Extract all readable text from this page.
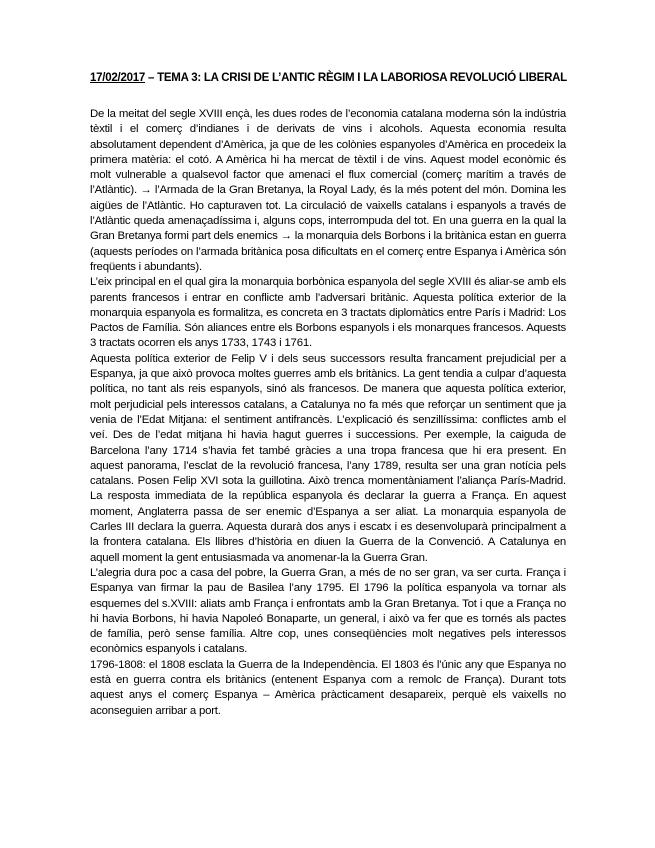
17/02/2017 – TEMA 3: LA CRISI DE L’ANTIC RÈGIM I LA LABORIOSA REVOLUCIÓ LIBERAL

De la meitat del segle XVIII ençà, les dues rodes de l’economia catalana moderna són la indústria tèxtil i el comerç d’indianes i de derivats de vins i alcohols. Aquesta economia resulta absolutament dependent d’Amèrica, ja que de les colònies espanyoles d’Amèrica en procedeix la primera matèria: el cotó. A Amèrica hi ha mercat de tèxtil i de vins. Aquest model econòmic és molt vulnerable a qualsevol factor que amenaci el flux comercial (comerç marítim a través de l’Atlàntic). → l’Armada de la Gran Bretanya, la Royal Lady, és la més potent del món. Domina les aigües de l’Atlàntic. Ho capturaven tot. La circulació de vaixells catalans i espanyols a través de l’Atlàntic queda amenaçadíssima i, alguns cops, interrompuda del tot. En una guerra en la qual la Gran Bretanya formi part dels enemics → la monarquia dels Borbons i la britànica estan en guerra (aquests períodes on l’armada britànica posa dificultats en el comerç entre Espanya i Amèrica són freqüents i abundants).

L’eix principal en el qual gira la monarquia borbònica espanyola del segle XVIII és aliar-se amb els parents francesos i entrar en conflicte amb l’adversari britànic. Aquesta política exterior de la monarquia espanyola es formalitza, es concreta en 3 tractats diplomàtics entre París i Madrid: Los Pactos de Família. Són aliances entre els Borbons espanyols i els monarques francesos. Aquests 3 tractats ocorren els anys 1733, 1743 i 1761.

Aquesta política exterior de Felip V i dels seus successors resulta francament prejudicial per a Espanya, ja que això provoca moltes guerres amb els britànics. La gent tendia a culpar d’aquesta política, no tant als reis espanyols, sinó als francesos. De manera que aquesta política exterior, molt perjudicial pels interessos catalans, a Catalunya no fa més que reforçar un sentiment que ja venia de l’Edat Mitjana: el sentiment antifrancès. L’explicació és senzillíssima: conflictes amb el veí. Des de l’edat mitjana hi havia hagut guerres i successions. Per exemple, la caiguda de Barcelona l’any 1714 s’havia fet també gràcies a una tropa francesa que hi era present. En aquest panorama, l’esclat de la revolució francesa, l’any 1789, resulta ser una gran notícia pels catalans. Posen Felip XVI sota la guillotina. Això trenca momentàniament l’aliança París-Madrid. La resposta immediata de la república espanyola és declarar la guerra a França. En aquest moment, Anglaterra passa de ser enemic d’Espanya a ser aliat. La monarquia espanyola de Carles III declara la guerra. Aquesta durarà dos anys i escatx i es desenvoluparà principalment a la frontera catalana. Els llibres d’història en diuen la Guerra de la Convenció. A Catalunya en aquell moment la gent entusiasmada va anomenar-la la Guerra Gran.

L’alegria dura poc a casa del pobre, la Guerra Gran, a més de no ser gran, va ser curta. França i Espanya van firmar la pau de Basilea l’any 1795. El 1796 la política espanyola va tornar als esquemes del s.XVIII: aliats amb França i enfrontats amb la Gran Bretanya. Tot i que a França no hi havia Borbons, hi havia Napoleó Bonaparte, un general, i això va fer que es tornés als pactes de família, però sense família. Altre cop, unes conseqüències molt negatives pels interessos econòmics espanyols i catalans.

1796-1808: el 1808 esclata la Guerra de la Independència. El 1803 és l’únic any que Espanya no està en guerra contra els britànics (entenent Espanya com a remolc de França). Durant tots aquest anys el comerç Espanya – Amèrica pràcticament desapareix, perquè els vaixells no aconseguien arribar a port.
